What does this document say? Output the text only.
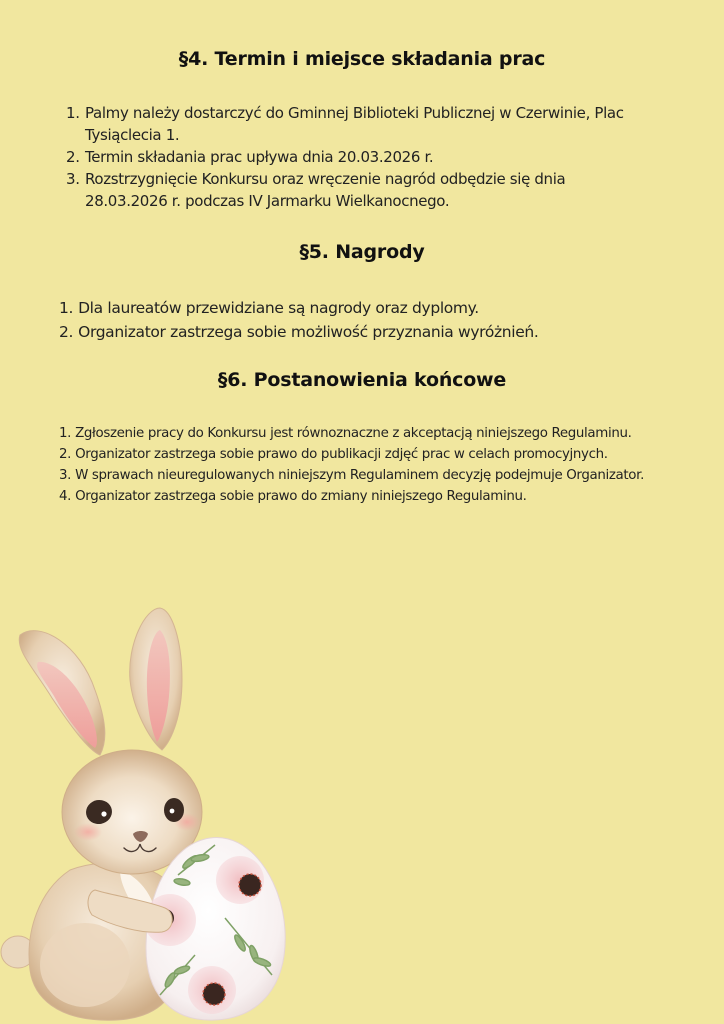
§4. Termin i miejsce składania prac
1. Palmy należy dostarczyć do Gminnej Biblioteki Publicznej w Czerwinie, Plac Tysiąclecia 1.
2. Termin składania prac upływa dnia 20.03.2026 r.
3. Rozstrzygnięcie Konkursu oraz wręczenie nagród odbędzie się dnia 28.03.2026 r. podczas IV Jarmarku Wielkanocnego.
§5. Nagrody
1. Dla laureatów przewidziane są nagrody oraz dyplomy.
2. Organizator zastrzega sobie możliwość przyznania wyróżnień.
§6. Postanowienia końcowe
1. Zgłoszenie pracy do Konkursu jest równoznaczne z akceptacją niniejszego Regulaminu.
2. Organizator zastrzega sobie prawo do publikacji zdjęć prac w celach promocyjnych.
3. W sprawach nieuregulowanych niniejszym Regulaminem decyzję podejmuje Organizator.
4. Organizator zastrzega sobie prawo do zmiany niniejszego Regulaminu.
